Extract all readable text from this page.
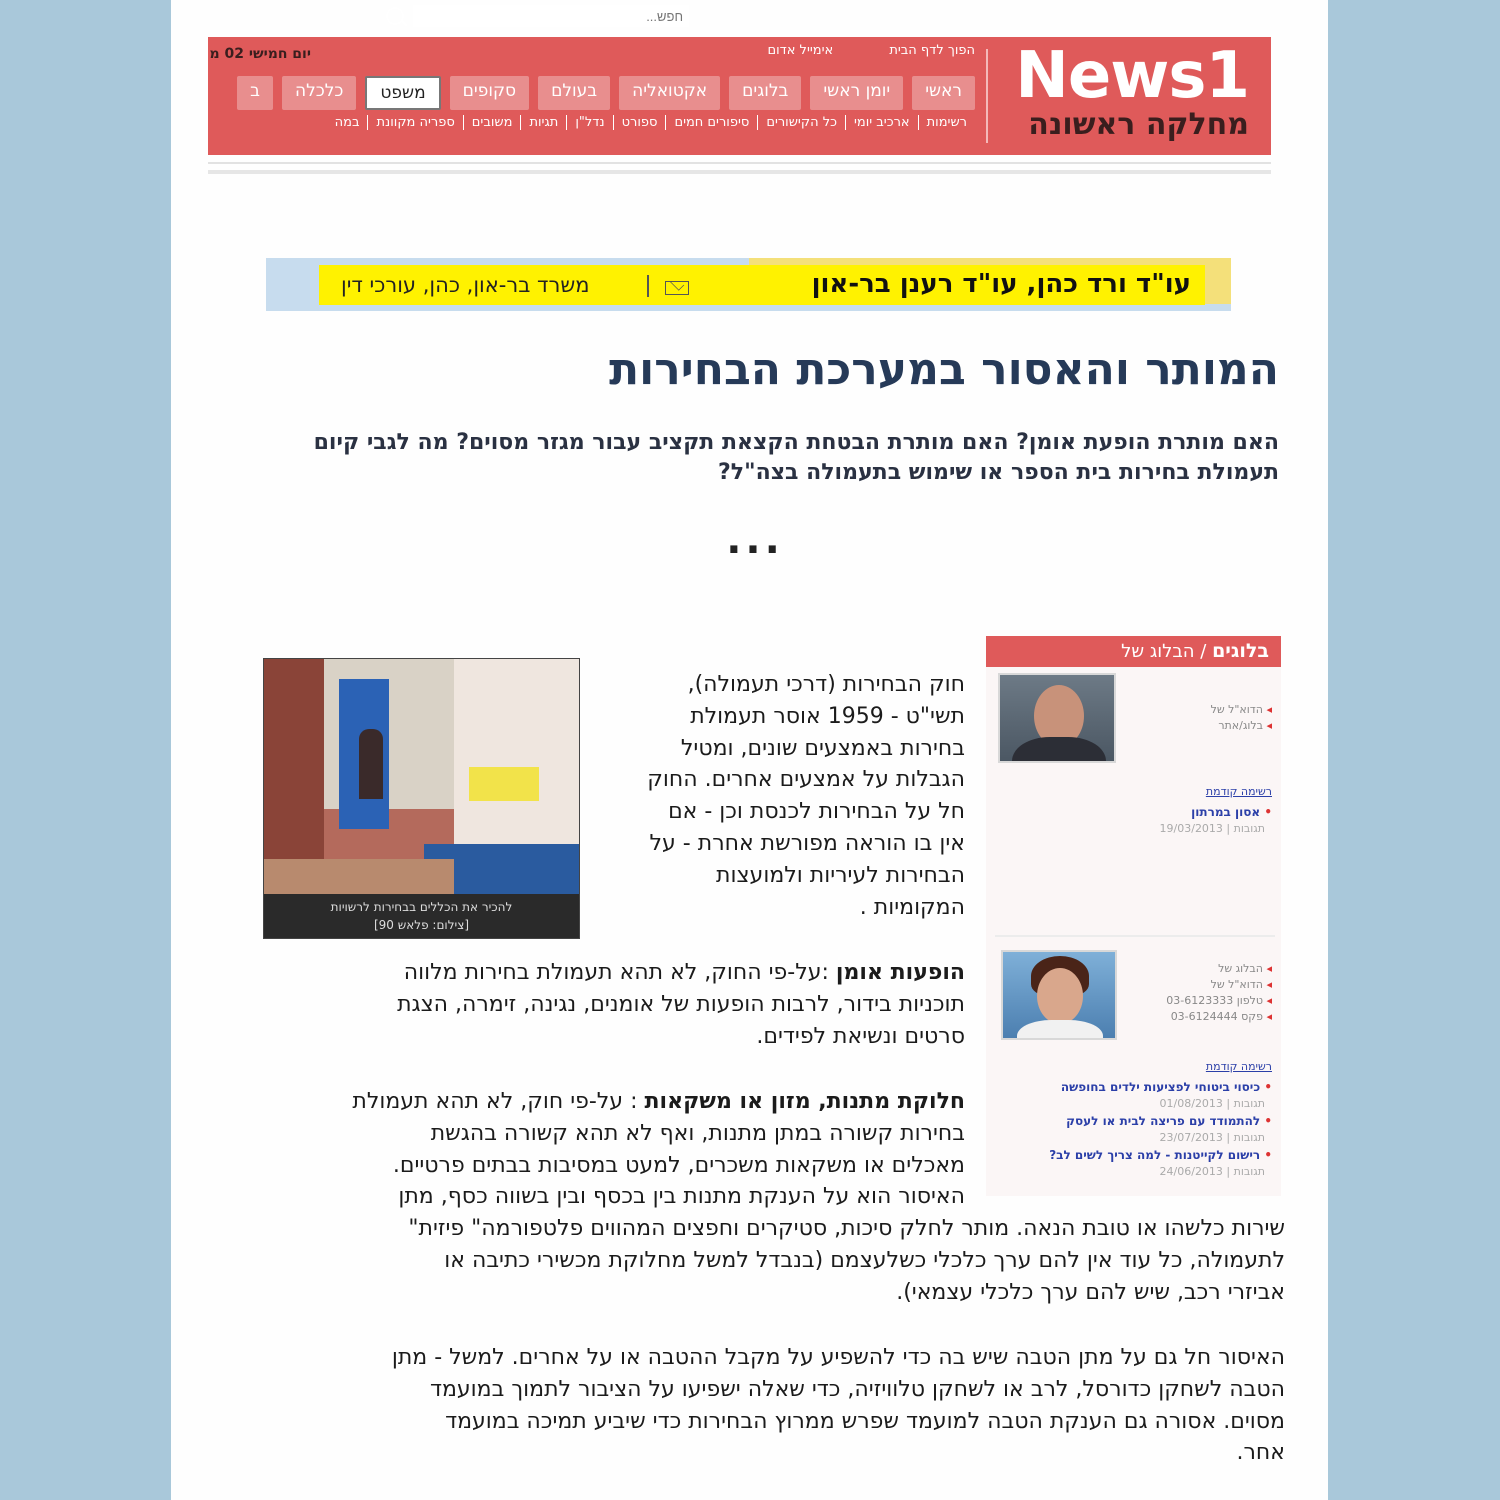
News1
מחלקה ראשונה
הפוך לדף הבית אימייל אדום
ראשי
יומן ראשי
בלוגים
אקטואליה
בעולם
סקופים
משפט
כלכלה
ב
רשימות
ארכיב יומי
כל הקישורים
סיפורים חמים
ספורט
נדל"ן
תגיות
משובים
ספריה מקוונת
במה
חפש...
יום חמישי 02 מ
עו"ד ורד כהן, עו"ד רענן בר-און
משרד בר-און, כהן, עורכי דין
המותר והאסור במערכת הבחירות
האם מותרת הופעת אומן? האם מותרת הבטחת הקצאת תקציב עבור מגזר מסוים? מה לגבי קיום תעמולת בחירות בית הספר או שימוש בתעמולה בצה"ל?
...
בלוגים / הבלוג של
◂ הדוא"ל של
◂ בלוג/אתר
רשימה קודמת
• אסון במרתון
תגובות | 19/03/2013
◂ הבלוג של
◂ הדוא"ל של
◂ טלפון 03-6123333
◂ פקס 03-6124444
רשימה קודמת
• כיסוי ביטוחי לפציעות ילדים בחופשה
תגובות | 01/08/2013
• להתמודד עם פריצה לבית או לעסק
תגובות | 23/07/2013
• רישום לקייטנות - למה צריך לשים לב?
תגובות | 24/06/2013
להכיר את הכללים בבחירות לרשויות
[צילום: פלאש 90]
חוק הבחירות (דרכי תעמולה),
תשי"ט - 1959 אוסר תעמולת
בחירות באמצעים שונים, ומטיל
הגבלות על אמצעים אחרים. החוק
חל על הבחירות לכנסת וכן - אם
אין בו הוראה מפורשת אחרת - על
הבחירות לעיריות ולמועצות
המקומיות .
הופעות אומן :על-פי החוק, לא תהא תעמולת בחירות מלווה
תוכניות בידור, לרבות הופעות של אומנים, נגינה, זימרה, הצגת
סרטים ונשיאת לפידים.
חלוקת מתנות, מזון או משקאות : על-פי חוק, לא תהא תעמולת
בחירות קשורה במתן מתנות, ואף לא תהא קשורה בהגשת
מאכלים או משקאות משכרים, למעט במסיבות בבתים פרטיים.
האיסור הוא על הענקת מתנות בין בכסף ובין בשווה כסף, מתן
שירות כלשהו או טובת הנאה. מותר לחלק סיכות, סטיקרים וחפצים המהווים פלטפורמה" פיזית"
לתעמולה, כל עוד אין להם ערך כלכלי כשלעצמם (בנבדל למשל מחלוקת מכשירי כתיבה או
אביזרי רכב, שיש להם ערך כלכלי עצמאי).
האיסור חל גם על מתן הטבה שיש בה כדי להשפיע על מקבל ההטבה או על אחרים. למשל - מתן
הטבה לשחקן כדורסל, לרב או לשחקן טלוויזיה, כדי שאלה ישפיעו על הציבור לתמוך במועמד
מסוים. אסורה גם הענקת הטבה למועמד שפרש ממרוץ הבחירות כדי שיביע תמיכה במועמד
אחר.
